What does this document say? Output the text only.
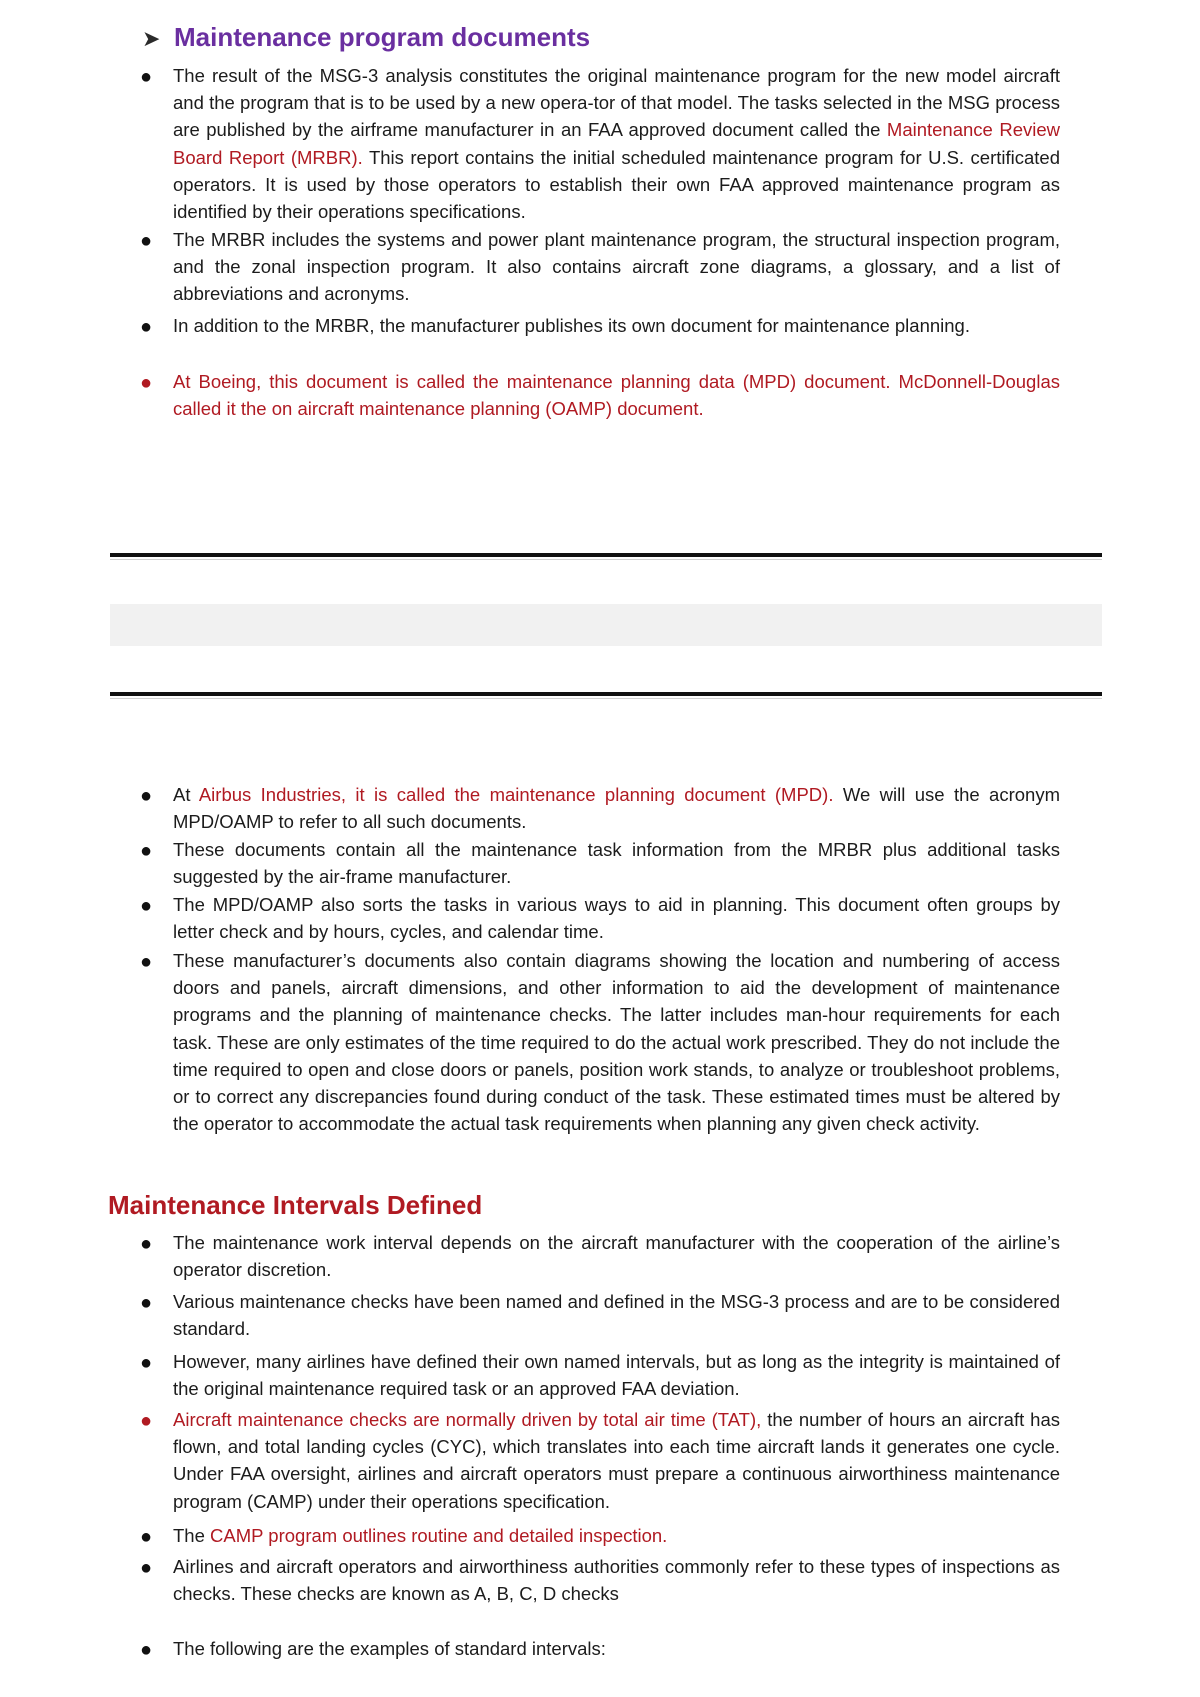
➤ Maintenance program documents
● The result of the MSG-3 analysis constitutes the original maintenance program for the new model aircraft and the program that is to be used by a new opera-tor of that model. The tasks selected in the MSG process are published by the airframe manufacturer in an FAA approved document called the Maintenance Review Board Report (MRBR). This report contains the initial scheduled maintenance program for U.S. certificated operators. It is used by those operators to establish their own FAA approved maintenance program as identified by their operations specifications.
● The MRBR includes the systems and power plant maintenance program, the structural inspection program, and the zonal inspection program. It also contains aircraft zone diagrams, a glossary, and a list of abbreviations and acronyms.
● In addition to the MRBR, the manufacturer publishes its own document for maintenance planning.
● At Boeing, this document is called the maintenance planning data (MPD) document. McDonnell-Douglas called it the on aircraft maintenance planning (OAMP) document.
● At Airbus Industries, it is called the maintenance planning document (MPD). We will use the acronym MPD/OAMP to refer to all such documents.
● These documents contain all the maintenance task information from the MRBR plus additional tasks suggested by the air-frame manufacturer.
● The MPD/OAMP also sorts the tasks in various ways to aid in planning. This document often groups by letter check and by hours, cycles, and calendar time.
● These manufacturer’s documents also contain diagrams showing the location and numbering of access doors and panels, aircraft dimensions, and other information to aid the development of maintenance programs and the planning of maintenance checks. The latter includes man-hour requirements for each task. These are only estimates of the time required to do the actual work prescribed. They do not include the time required to open and close doors or panels, position work stands, to analyze or troubleshoot problems, or to correct any discrepancies found during conduct of the task. These estimated times must be altered by the operator to accommodate the actual task requirements when planning any given check activity.
Maintenance Intervals Defined
● The maintenance work interval depends on the aircraft manufacturer with the cooperation of the airline’s operator discretion.
● Various maintenance checks have been named and defined in the MSG-3 process and are to be considered standard.
● However, many airlines have defined their own named intervals, but as long as the integrity is maintained of the original maintenance required task or an approved FAA deviation.
● Aircraft maintenance checks are normally driven by total air time (TAT), the number of hours an aircraft has flown, and total landing cycles (CYC), which translates into each time aircraft lands it generates one cycle. Under FAA oversight, airlines and aircraft operators must prepare a continuous airworthiness maintenance program (CAMP) under their operations specification.
● The CAMP program outlines routine and detailed inspection.
● Airlines and aircraft operators and airworthiness authorities commonly refer to these types of inspections as checks. These checks are known as A, B, C, D checks
● The following are the examples of standard intervals:
